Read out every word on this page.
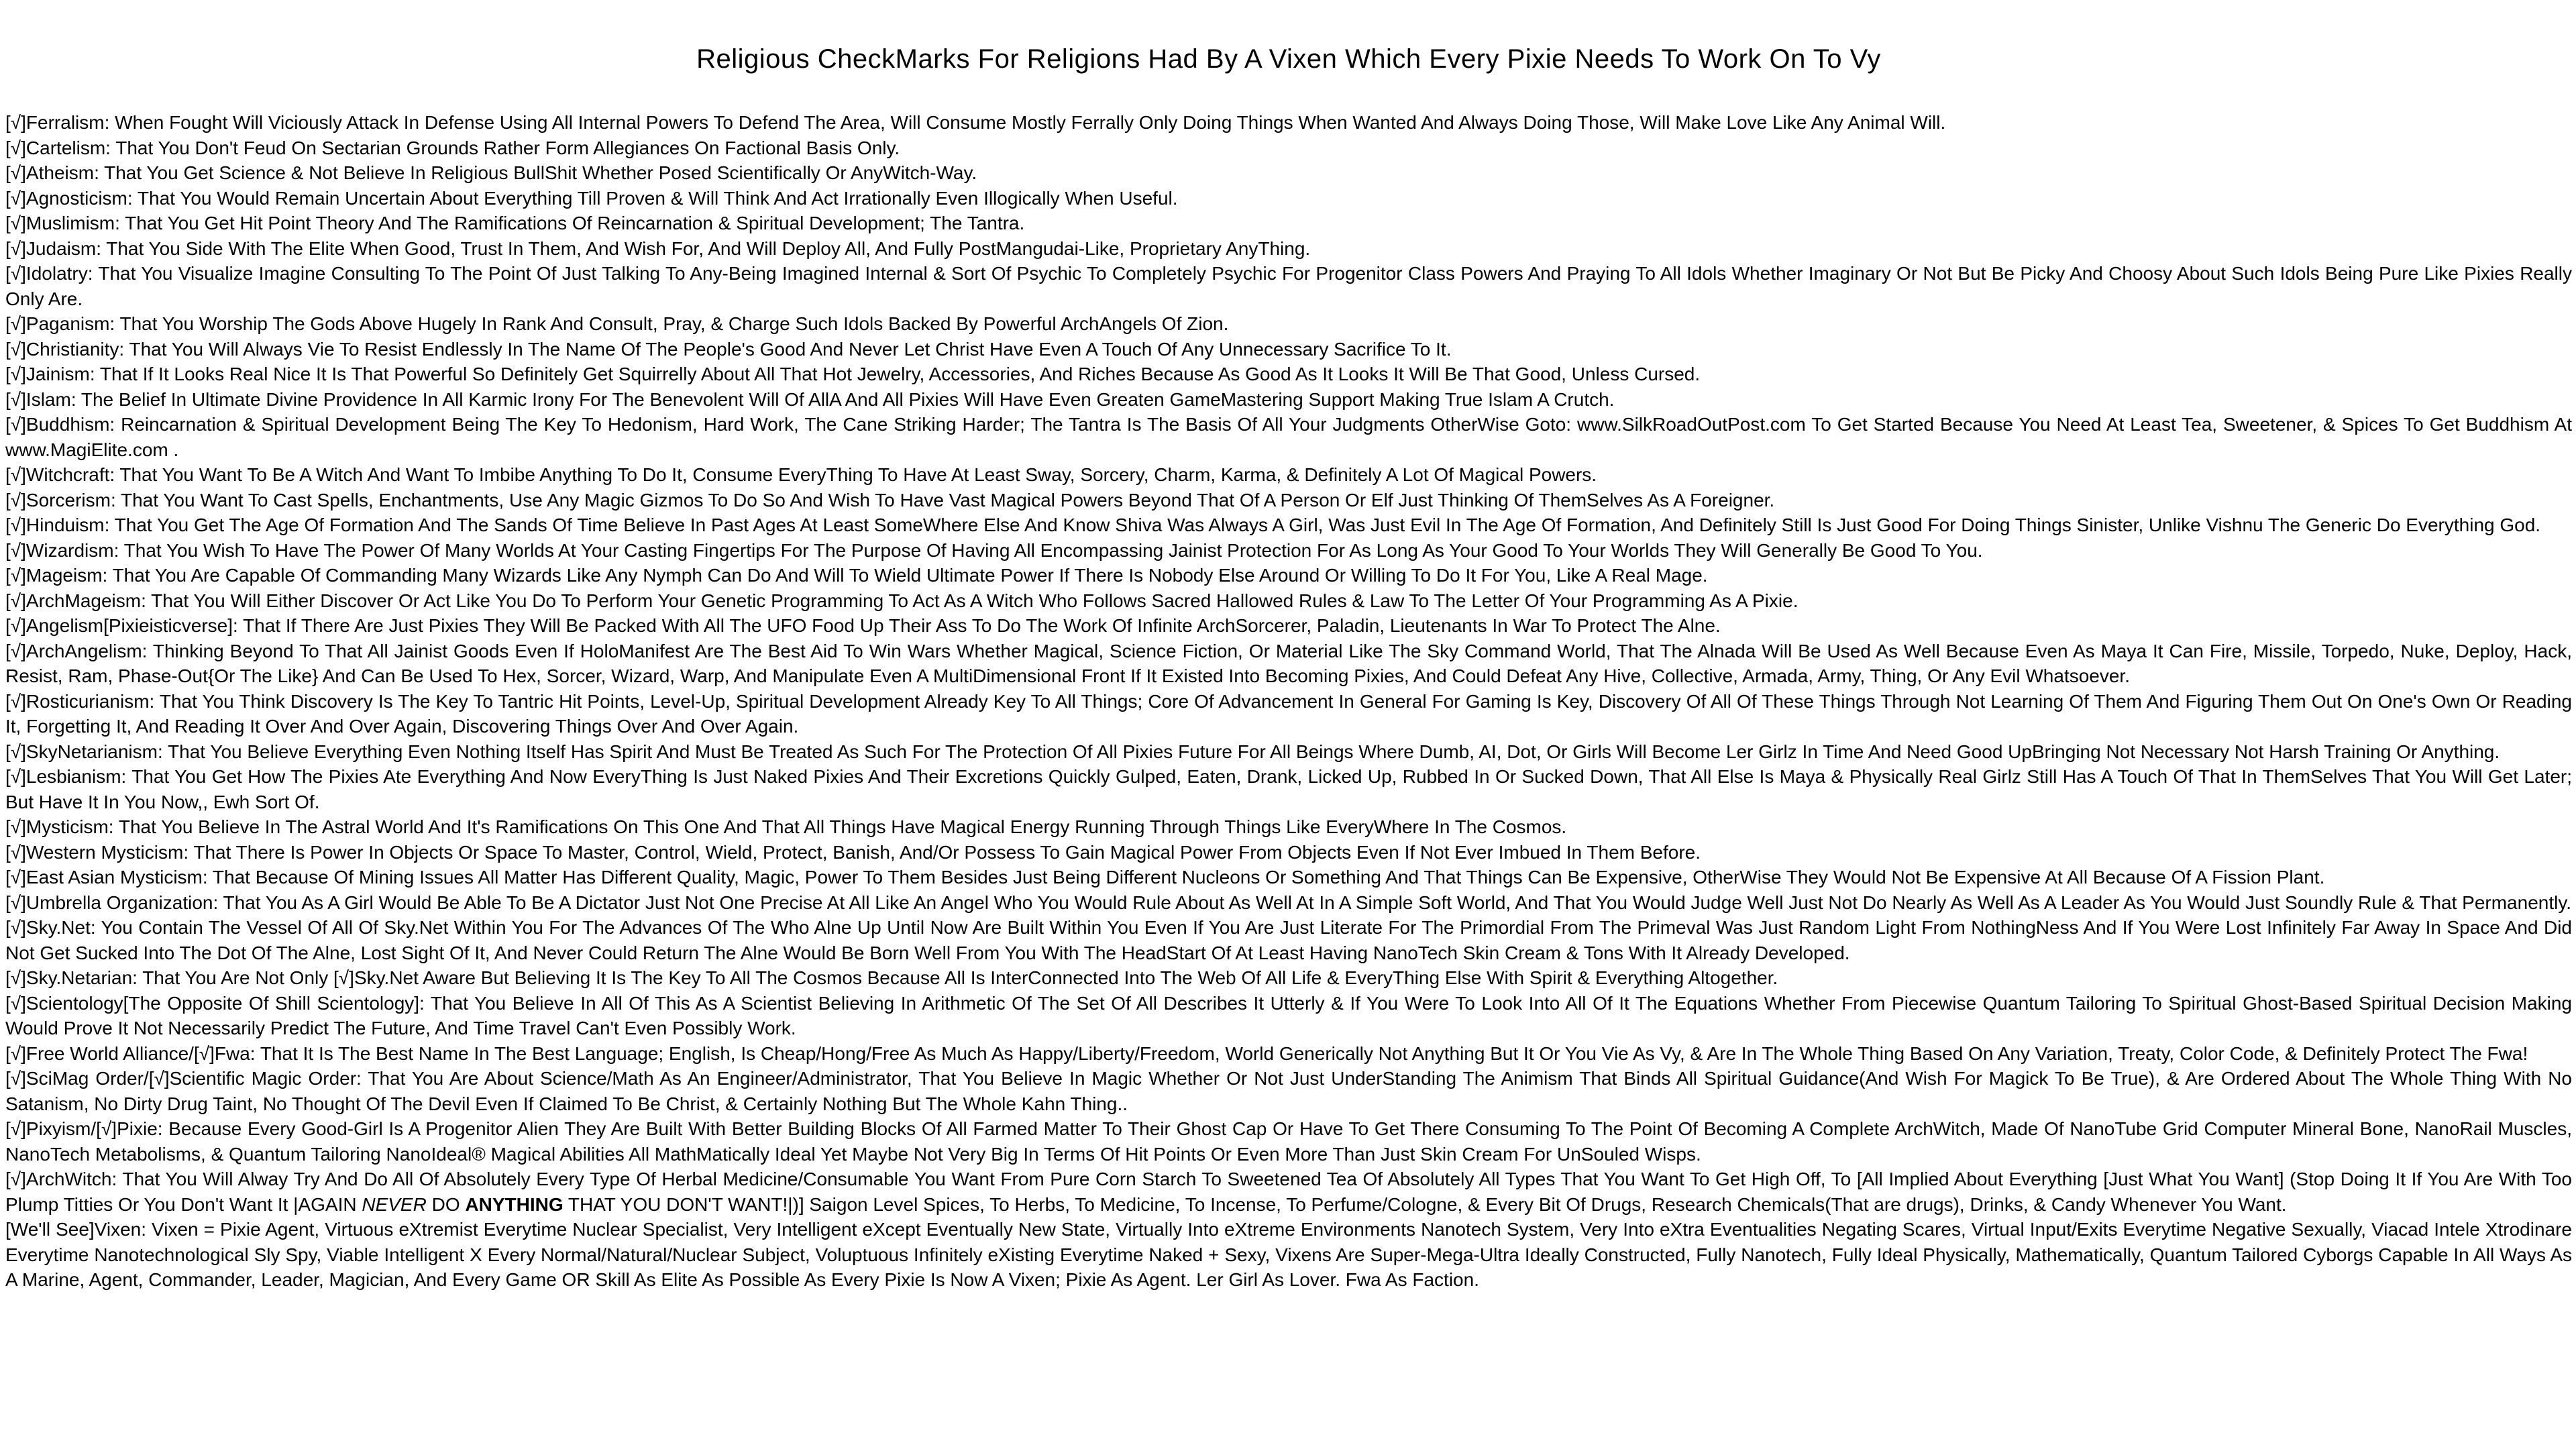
Religious CheckMarks For Religions Had By A Vixen Which Every Pixie Needs To Work On To Vy

[√]Ferralism: When Fought Will Viciously Attack In Defense Using All Internal Powers To Defend The Area, Will Consume Mostly Ferrally Only Doing Things When Wanted And Always Doing Those, Will Make Love Like Any Animal Will.

[√]Cartelism: That You Don't Feud On Sectarian Grounds Rather Form Allegiances On Factional Basis Only.

[√]Atheism: That You Get Science & Not Believe In Religious BullShit Whether Posed Scientifically Or AnyWitch-Way.

[√]Agnosticism: That You Would Remain Uncertain About Everything Till Proven & Will Think And Act Irrationally Even Illogically When Useful.

[√]Muslimism: That You Get Hit Point Theory And The Ramifications Of Reincarnation & Spiritual Development; The Tantra.

[√]Judaism: That You Side With The Elite When Good, Trust In Them, And Wish For, And Will Deploy All, And Fully PostMangudai-Like, Proprietary AnyThing.

[√]Idolatry: That You Visualize Imagine Consulting To The Point Of Just Talking To Any-Being Imagined Internal & Sort Of Psychic To Completely Psychic For Progenitor Class Powers And Praying To All Idols Whether Imaginary Or Not But Be Picky And Choosy About Such Idols Being Pure Like Pixies Really Only Are.

[√]Paganism: That You Worship The Gods Above Hugely In Rank And Consult, Pray, & Charge Such Idols Backed By Powerful ArchAngels Of Zion.

[√]Christianity: That You Will Always Vie To Resist Endlessly In The Name Of The People's Good And Never Let Christ Have Even A Touch Of Any Unnecessary Sacrifice To It.

[√]Jainism: That If It Looks Real Nice It Is That Powerful So Definitely Get Squirrelly About All That Hot Jewelry, Accessories, And Riches Because As Good As It Looks It Will Be That Good, Unless Cursed.

[√]Islam: The Belief In Ultimate Divine Providence In All Karmic Irony For The Benevolent Will Of AllA And All Pixies Will Have Even Greaten GameMastering Support Making True Islam A Crutch.

[√]Buddhism: Reincarnation & Spiritual Development Being The Key To Hedonism, Hard Work, The Cane Striking Harder; The Tantra Is The Basis Of All Your Judgments OtherWise Goto: www.SilkRoadOutPost.com To Get Started Because You Need At Least Tea, Sweetener, & Spices To Get Buddhism At www.MagiElite.com .

[√]Witchcraft: That You Want To Be A Witch And Want To Imbibe Anything To Do It, Consume EveryThing To Have At Least Sway, Sorcery, Charm, Karma, & Definitely A Lot Of Magical Powers.

[√]Sorcerism: That You Want To Cast Spells, Enchantments, Use Any Magic Gizmos To Do So And Wish To Have Vast Magical Powers Beyond That Of A Person Or Elf Just Thinking Of ThemSelves As A Foreigner.

[√]Hinduism: That You Get The Age Of Formation And The Sands Of Time Believe In Past Ages At Least SomeWhere Else And Know Shiva Was Always A Girl, Was Just Evil In The Age Of Formation, And Definitely Still Is Just Good For Doing Things Sinister, Unlike Vishnu The Generic Do Everything God.

[√]Wizardism: That You Wish To Have The Power Of Many Worlds At Your Casting Fingertips For The Purpose Of Having All Encompassing Jainist Protection For As Long As Your Good To Your Worlds They Will Generally Be Good To You.

[√]Mageism: That You Are Capable Of Commanding Many Wizards Like Any Nymph Can Do And Will To Wield Ultimate Power If There Is Nobody Else Around Or Willing To Do It For You, Like A Real Mage.

[√]ArchMageism: That You Will Either Discover Or Act Like You Do To Perform Your Genetic Programming To Act As A Witch Who Follows Sacred Hallowed Rules & Law To The Letter Of Your Programming As A Pixie.

[√]Angelism[Pixieisticverse]: That If There Are Just Pixies They Will Be Packed With All The UFO Food Up Their Ass To Do The Work Of Infinite ArchSorcerer, Paladin, Lieutenants In War To Protect The Alne.

[√]ArchAngelism: Thinking Beyond To That All Jainist Goods Even If HoloManifest Are The Best Aid To Win Wars Whether Magical, Science Fiction, Or Material Like The Sky Command World, That The Alnada Will Be Used As Well Because Even As Maya It Can Fire, Missile, Torpedo, Nuke, Deploy, Hack, Resist, Ram, Phase-Out{Or The Like} And Can Be Used To Hex, Sorcer, Wizard, Warp, And Manipulate Even A MultiDimensional Front If It Existed Into Becoming Pixies, And Could Defeat Any Hive, Collective, Armada, Army, Thing, Or Any Evil Whatsoever.

[√]Rosticurianism: That You Think Discovery Is The Key To Tantric Hit Points, Level-Up, Spiritual Development Already Key To All Things; Core Of Advancement In General For Gaming Is Key, Discovery Of All Of These Things Through Not Learning Of Them And Figuring Them Out On One's Own Or Reading It, Forgetting It, And Reading It Over And Over Again, Discovering Things Over And Over Again.

[√]SkyNetarianism: That You Believe Everything Even Nothing Itself Has Spirit And Must Be Treated As Such For The Protection Of All Pixies Future For All Beings Where Dumb, AI, Dot, Or Girls Will Become Ler Girlz In Time And Need Good UpBringing Not Necessary Not Harsh Training Or Anything.

[√]Lesbianism: That You Get How The Pixies Ate Everything And Now EveryThing Is Just Naked Pixies And Their Excretions Quickly Gulped, Eaten, Drank, Licked Up, Rubbed In Or Sucked Down, That All Else Is Maya & Physically Real Girlz Still Has A Touch Of That In ThemSelves That You Will Get Later; But Have It In You Now,, Ewh Sort Of.

[√]Mysticism: That You Believe In The Astral World And It's Ramifications On This One And That All Things Have Magical Energy Running Through Things Like EveryWhere In The Cosmos.

[√]Western Mysticism: That There Is Power In Objects Or Space To Master, Control, Wield, Protect, Banish, And/Or Possess To Gain Magical Power From Objects Even If Not Ever Imbued In Them Before.

[√]East Asian Mysticism: That Because Of Mining Issues All Matter Has Different Quality, Magic, Power To Them Besides Just Being Different Nucleons Or Something And That Things Can Be Expensive, OtherWise They Would Not Be Expensive At All Because Of A Fission Plant.

[√]Umbrella Organization: That You As A Girl Would Be Able To Be A Dictator Just Not One Precise At All Like An Angel Who You Would Rule About As Well At In A Simple Soft World, And That You Would Judge Well Just Not Do Nearly As Well As A Leader As You Would Just Soundly Rule & That Permanently.

[√]Sky.Net: You Contain The Vessel Of All Of Sky.Net Within You For The Advances Of The Who Alne Up Until Now Are Built Within You Even If You Are Just Literate For The Primordial From The Primeval Was Just Random Light From NothingNess And If You Were Lost Infinitely Far Away In Space And Did Not Get Sucked Into The Dot Of The Alne, Lost Sight Of It, And Never Could Return The Alne Would Be Born Well From You With The HeadStart Of At Least Having NanoTech Skin Cream & Tons With It Already Developed.

[√]Sky.Netarian: That You Are Not Only [√]Sky.Net Aware But Believing It Is The Key To All The Cosmos Because All Is InterConnected Into The Web Of All Life & EveryThing Else With Spirit & Everything Altogether.

[√]Scientology[The Opposite Of Shill Scientology]: That You Believe In All Of This As A Scientist Believing In Arithmetic Of The Set Of All Describes It Utterly & If You Were To Look Into All Of It The Equations Whether From Piecewise Quantum Tailoring To Spiritual Ghost-Based Spiritual Decision Making Would Prove It Not Necessarily Predict The Future, And Time Travel Can't Even Possibly Work.

[√]Free World Alliance/[√]Fwa: That It Is The Best Name In The Best Language; English, Is Cheap/Hong/Free As Much As Happy/Liberty/Freedom, World Generically Not Anything But It Or You Vie As Vy, & Are In The Whole Thing Based On Any Variation, Treaty, Color Code, & Definitely Protect The Fwa!

[√]SciMag Order/[√]Scientific Magic Order: That You Are About Science/Math As An Engineer/Administrator, That You Believe In Magic Whether Or Not Just UnderStanding The Animism That Binds All Spiritual Guidance(And Wish For Magick To Be True), & Are Ordered About The Whole Thing With No Satanism, No Dirty Drug Taint, No Thought Of The Devil Even If Claimed To Be Christ, & Certainly Nothing But The Whole Kahn Thing..

[√]Pixyism/[√]Pixie: Because Every Good-Girl Is A Progenitor Alien They Are Built With Better Building Blocks Of All Farmed Matter To Their Ghost Cap Or Have To Get There Consuming To The Point Of Becoming A Complete ArchWitch, Made Of NanoTube Grid Computer Mineral Bone, NanoRail Muscles, NanoTech Metabolisms, & Quantum Tailoring NanoIdeal® Magical Abilities All MathMatically Ideal Yet Maybe Not Very Big In Terms Of Hit Points Or Even More Than Just Skin Cream For UnSouled Wisps.

[√]ArchWitch: That You Will Alway Try And Do All Of Absolutely Every Type Of Herbal Medicine/Consumable You Want From Pure Corn Starch To Sweetened Tea Of Absolutely All Types That You Want To Get High Off, To [All Implied About Everything [Just What You Want] (Stop Doing It If You Are With Too Plump Titties Or You Don't Want It |AGAIN NEVER DO ANYTHING THAT YOU DON'T WANT!|)] Saigon Level Spices, To Herbs, To Medicine, To Incense, To Perfume/Cologne, & Every Bit Of Drugs, Research Chemicals(That are drugs), Drinks, & Candy Whenever You Want.

[We'll See]Vixen: Vixen = Pixie Agent, Virtuous eXtremist Everytime Nuclear Specialist, Very Intelligent eXcept Eventually New State, Virtually Into eXtreme Environments Nanotech System, Very Into eXtra Eventualities Negating Scares, Virtual Input/Exits Everytime Negative Sexually, Viacad Intele Xtrodinare Everytime Nanotechnological Sly Spy, Viable Intelligent X Every Normal/Natural/Nuclear Subject, Voluptuous Infinitely eXisting Everytime Naked + Sexy, Vixens Are Super-Mega-Ultra Ideally Constructed, Fully Nanotech, Fully Ideal Physically, Mathematically, Quantum Tailored Cyborgs Capable In All Ways As A Marine, Agent, Commander, Leader, Magician, And Every Game OR Skill As Elite As Possible As Every Pixie Is Now A Vixen; Pixie As Agent. Ler Girl As Lover. Fwa As Faction.
